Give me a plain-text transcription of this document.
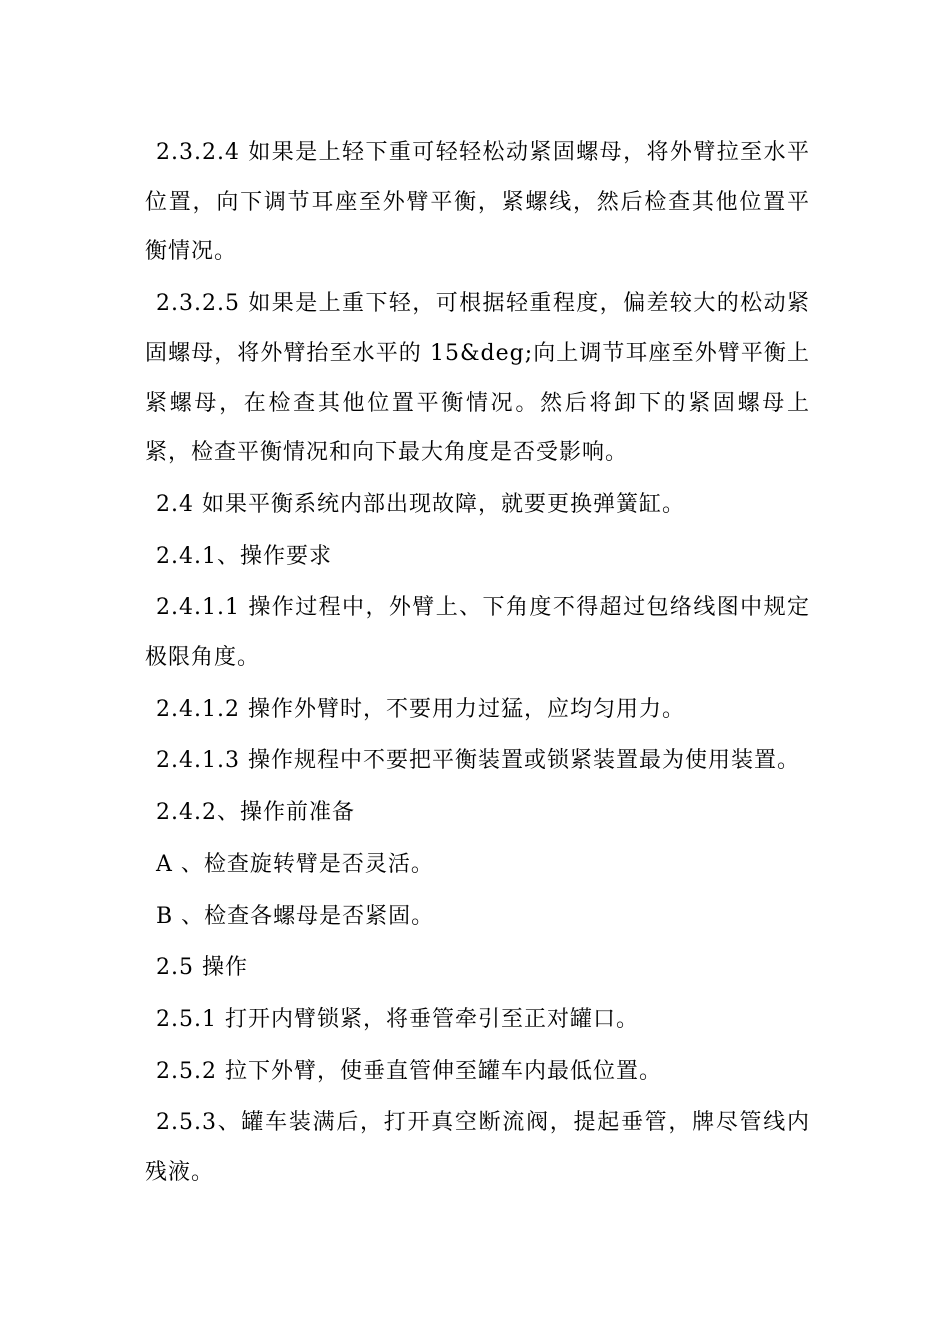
2.3.2.4 如果是上轻下重可轻轻松动紧固螺母，将外臂拉至水平位置，向下调节耳座至外臂平衡，紧螺线，然后检查其他位置平衡情况。

2.3.2.5 如果是上重下轻，可根据轻重程度，偏差较大的松动紧固螺母，将外臂抬至水平的 15&deg;向上调节耳座至外臂平衡上紧螺母，在检查其他位置平衡情况。然后将卸下的紧固螺母上紧，检查平衡情况和向下最大角度是否受影响。

2.4 如果平衡系统内部出现故障，就要更换弹簧缸。

2.4.1、操作要求

2.4.1.1 操作过程中，外臂上、下角度不得超过包络线图中规定极限角度。

2.4.1.2 操作外臂时，不要用力过猛，应均匀用力。

2.4.1.3 操作规程中不要把平衡装置或锁紧装置最为使用装置。

2.4.2、操作前准备

A 、检查旋转臂是否灵活。

B 、检查各螺母是否紧固。

2.5 操作

2.5.1 打开内臂锁紧，将垂管牵引至正对罐口。

2.5.2 拉下外臂，使垂直管伸至罐车内最低位置。

2.5.3、罐车装满后，打开真空断流阀，提起垂管，牌尽管线内残液。
